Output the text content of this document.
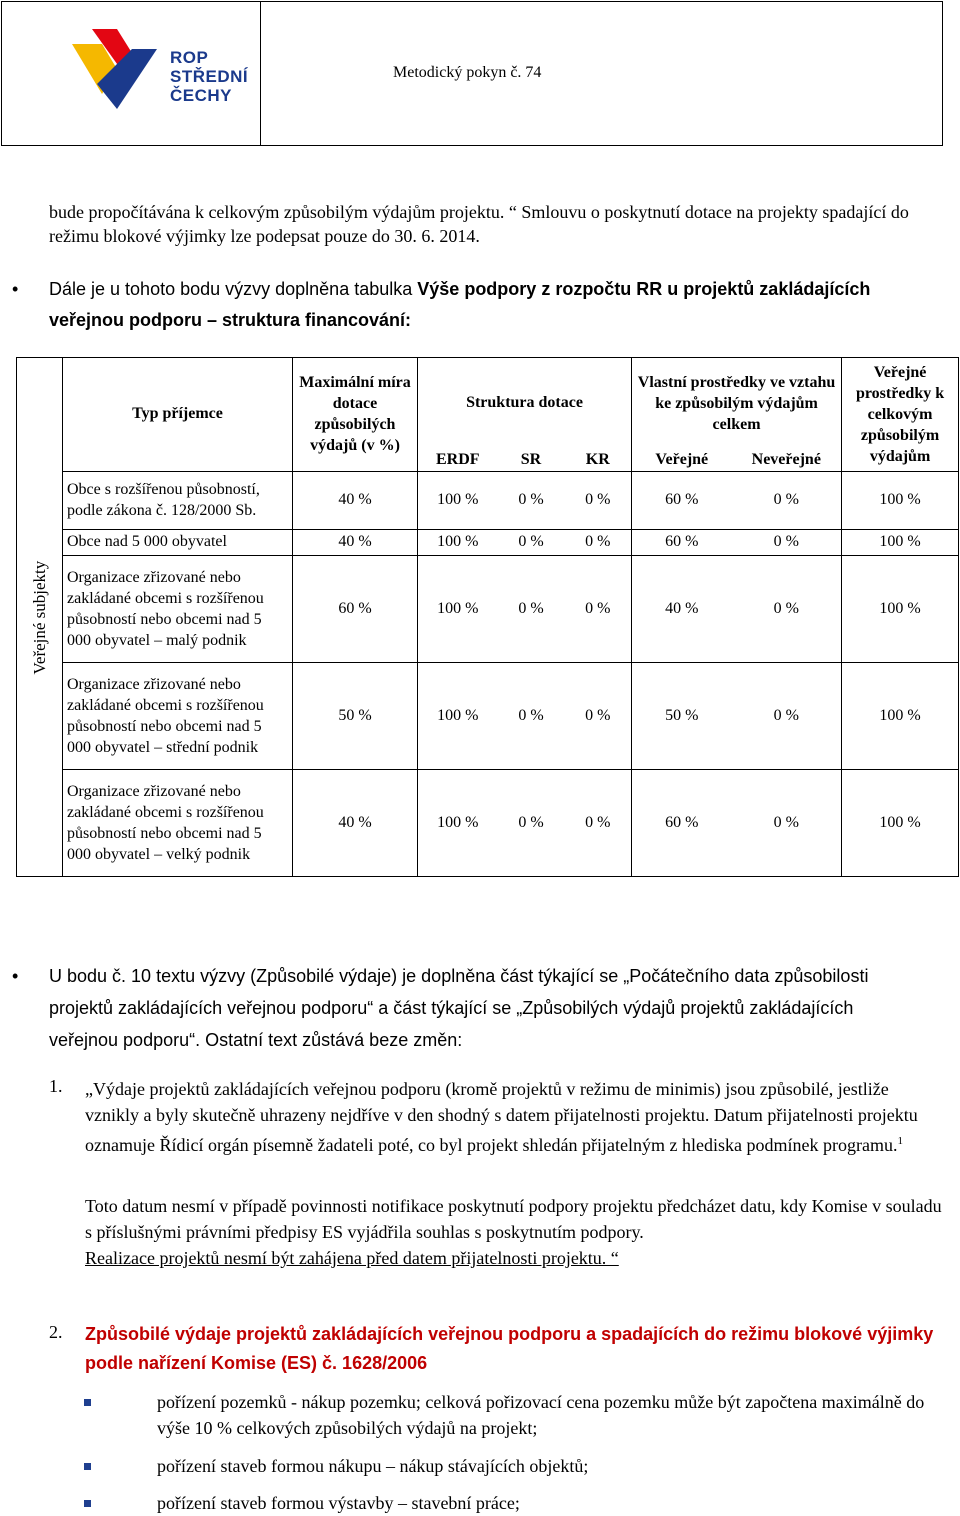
ROP
STŘEDNÍ
ČECHY
Metodický pokyn č. 74
bude propočítávána k celkovým způsobilým výdajům projektu. “ Smlouvu o poskytnutí dotace na projekty spadající do režimu blokové výjimky lze podepsat pouze do 30. 6. 2014.
• Dále je u tohoto bodu výzvy doplněna tabulka Výše podpory z rozpočtu RR u projektů zakládajících veřejnou podporu – struktura financování:
Veřejné subjekty	Typ příjemce	Maximální míra dotace způsobilých výdajů (v %)	Struktura dotace			Vlastní prostředky ve vztahu ke způsobilým výdajům celkem		Veřejné prostředky k celkovým způsobilým výdajům
			ERDF	SR	KR	Veřejné	Neveřejné	
	Obce s rozšířenou působností, podle zákona č. 128/2000 Sb.	40 %	100 %	0 %	0 %	60 %	0 %	100 %
	Obce nad 5 000 obyvatel	40 %	100 %	0 %	0 %	60 %	0 %	100 %
	Organizace zřizované nebo zakládané obcemi s rozšířenou působností nebo obcemi nad 5 000 obyvatel – malý podnik	60 %	100 %	0 %	0 %	40 %	0 %	100 %
	Organizace zřizované nebo zakládané obcemi s rozšířenou působností nebo obcemi nad 5 000 obyvatel – střední podnik	50 %	100 %	0 %	0 %	50 %	0 %	100 %
	Organizace zřizované nebo zakládané obcemi s rozšířenou působností nebo obcemi nad 5 000 obyvatel – velký podnik	40 %	100 %	0 %	0 %	60 %	0 %	100 %
• U bodu č. 10 textu výzvy (Způsobilé výdaje) je doplněna část týkající se „Počátečního data způsobilosti projektů zakládajících veřejnou podporu“ a část týkající se „Způsobilých výdajů projektů zakládajících veřejnou podporu“. Ostatní text zůstává beze změn:
1. „Výdaje projektů zakládajících veřejnou podporu (kromě projektů v režimu de minimis) jsou způsobilé, jestliže vznikly a byly skutečně uhrazeny nejdříve v den shodný s datem přijatelnosti projektu. Datum přijatelnosti projektu oznamuje Řídicí orgán písemně žadateli poté, co byl projekt shledán přijatelným z hlediska podmínek programu.$^1$
Toto datum nesmí v případě povinnosti notifikace poskytnutí podpory projektu předcházet datu, kdy Komise v souladu s příslušnými právními předpisy ES vyjádřila souhlas s poskytnutím podpory.
Realizace projektů nesmí být zahájena před datem přijatelnosti projektu. “
2. Způsobilé výdaje projektů zakládajících veřejnou podporu a spadajících do režimu blokové výjimky podle nařízení Komise (ES) č. 1628/2006
pořízení pozemků - nákup pozemku; celková pořizovací cena pozemku může být započtena maximálně do výše 10 % celkových způsobilých výdajů na projekt;
pořízení staveb formou nákupu – nákup stávajících objektů;
pořízení staveb formou výstavby – stavební práce;
